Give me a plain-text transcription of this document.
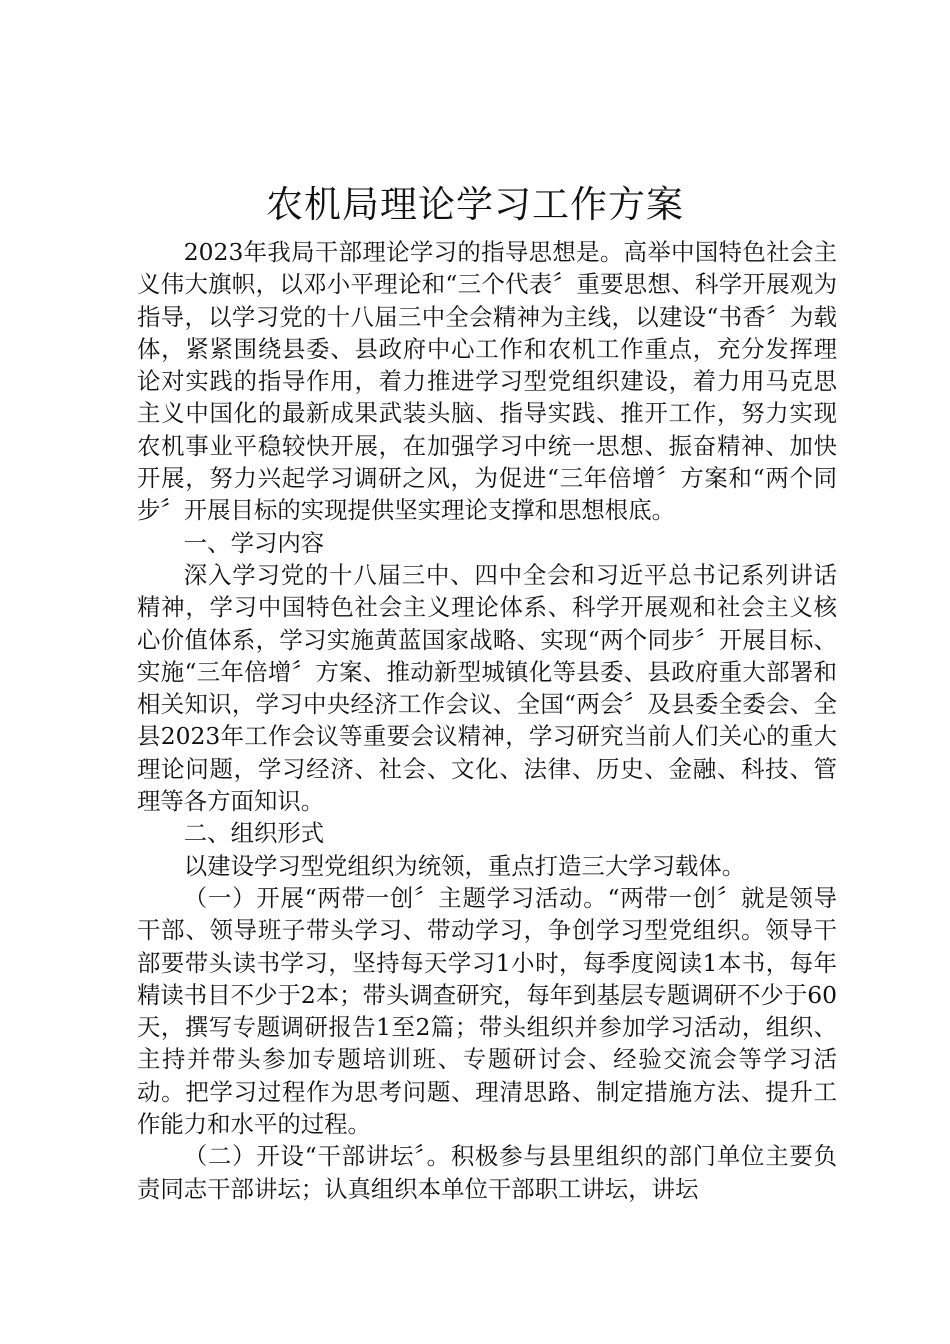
农机局理论学习工作方案

2023年我局干部理论学习的指导思想是。高举中国特色社会主义伟大旗帜，以邓小平理论和“三个代表〞重要思想、科学开展观为指导，以学习党的十八届三中全会精神为主线，以建设“书香〞为载体，紧紧围绕县委、县政府中心工作和农机工作重点，充分发挥理论对实践的指导作用，着力推进学习型党组织建设，着力用马克思主义中国化的最新成果武装头脑、指导实践、推开工作，努力实现农机事业平稳较快开展，在加强学习中统一思想、振奋精神、加快开展，努力兴起学习调研之风，为促进“三年倍增〞方案和“两个同步〞开展目标的实现提供坚实理论支撑和思想根底。

一、学习内容

深入学习党的十八届三中、四中全会和习近平总书记系列讲话精神，学习中国特色社会主义理论体系、科学开展观和社会主义核心价值体系，学习实施黄蓝国家战略、实现“两个同步〞开展目标、实施“三年倍增〞方案、推动新型城镇化等县委、县政府重大部署和相关知识，学习中央经济工作会议、全国“两会〞及县委全委会、全县2023年工作会议等重要会议精神，学习研究当前人们关心的重大理论问题，学习经济、社会、文化、法律、历史、金融、科技、管理等各方面知识。

二、组织形式

以建设学习型党组织为统领，重点打造三大学习载体。

（一）开展“两带一创〞主题学习活动。“两带一创〞就是领导干部、领导班子带头学习、带动学习，争创学习型党组织。领导干部要带头读书学习，坚持每天学习1小时，每季度阅读1本书，每年精读书目不少于2本；带头调查研究，每年到基层专题调研不少于60天，撰写专题调研报告1至2篇；带头组织并参加学习活动，组织、主持并带头参加专题培训班、专题研讨会、经验交流会等学习活动。把学习过程作为思考问题、理清思路、制定措施方法、提升工作能力和水平的过程。

（二）开设“干部讲坛〞。积极参与县里组织的部门单位主要负责同志干部讲坛；认真组织本单位干部职工讲坛，讲坛
